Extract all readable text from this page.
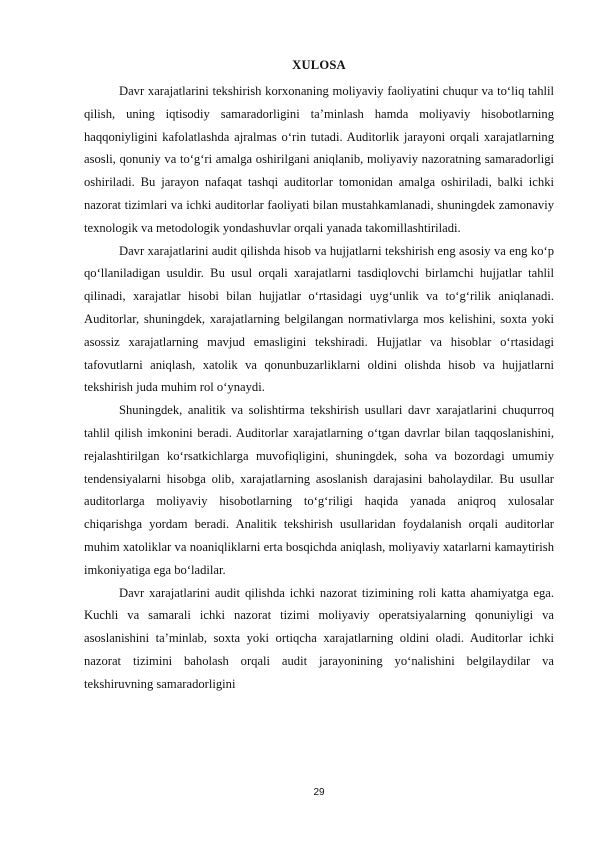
XULOSA

Davr xarajatlarini tekshirish korxonaning moliyaviy faoliyatini chuqur va to‘liq tahlil qilish, uning iqtisodiy samaradorligini ta’minlash hamda moliyaviy hisobotlarning haqqoniyligini kafolatlashda ajralmas o‘rin tutadi. Auditorlik jarayoni orqali xarajatlarning asosli, qonuniy va to‘g‘ri amalga oshirilgani aniqlanib, moliyaviy nazoratning samaradorligi oshiriladi. Bu jarayon nafaqat tashqi auditorlar tomonidan amalga oshiriladi, balki ichki nazorat tizimlari va ichki auditorlar faoliyati bilan mustahkamlanadi, shuningdek zamonaviy texnologik va metodologik yondashuvlar orqali yanada takomillashtiriladi.

Davr xarajatlarini audit qilishda hisob va hujjatlarni tekshirish eng asosiy va eng ko‘p qo‘llaniladigan usuldir. Bu usul orqali xarajatlarni tasdiqlovchi birlamchi hujjatlar tahlil qilinadi, xarajatlar hisobi bilan hujjatlar o‘rtasidagi uyg‘unlik va to‘g‘rilik aniqlanadi. Auditorlar, shuningdek, xarajatlarning belgilangan normativlarga mos kelishini, soxta yoki asossiz xarajatlarning mavjud emasligini tekshiradi. Hujjatlar va hisoblar o‘rtasidagi tafovutlarni aniqlash, xatolik va qonunbuzarliklarni oldini olishda hisob va hujjatlarni tekshirish juda muhim rol o‘ynaydi.

Shuningdek, analitik va solishtirma tekshirish usullari davr xarajatlarini chuqurroq tahlil qilish imkonini beradi. Auditorlar xarajatlarning o‘tgan davrlar bilan taqqoslanishini, rejalashtirilgan ko‘rsatkichlarga muvofiqligini, shuningdek, soha va bozordagi umumiy tendensiyalarni hisobga olib, xarajatlarning asoslanish darajasini baholaydilar. Bu usullar auditorlarga moliyaviy hisobotlarning to‘g‘riligi haqida yanada aniqroq xulosalar chiqarishga yordam beradi. Analitik tekshirish usullaridan foydalanish orqali auditorlar muhim xatoliklar va noaniqliklarni erta bosqichda aniqlash, moliyaviy xatarlarni kamaytirish imkoniyatiga ega bo‘ladilar.

Davr xarajatlarini audit qilishda ichki nazorat tizimining roli katta ahamiyatga ega. Kuchli va samarali ichki nazorat tizimi moliyaviy operatsiyalarning qonuniyligi va asoslanishini ta’minlab, soxta yoki ortiqcha xarajatlarning oldini oladi. Auditorlar ichki nazorat tizimini baholash orqali audit jarayonining yo‘nalishini belgilaydilar va tekshiruvning samaradorligini

29
